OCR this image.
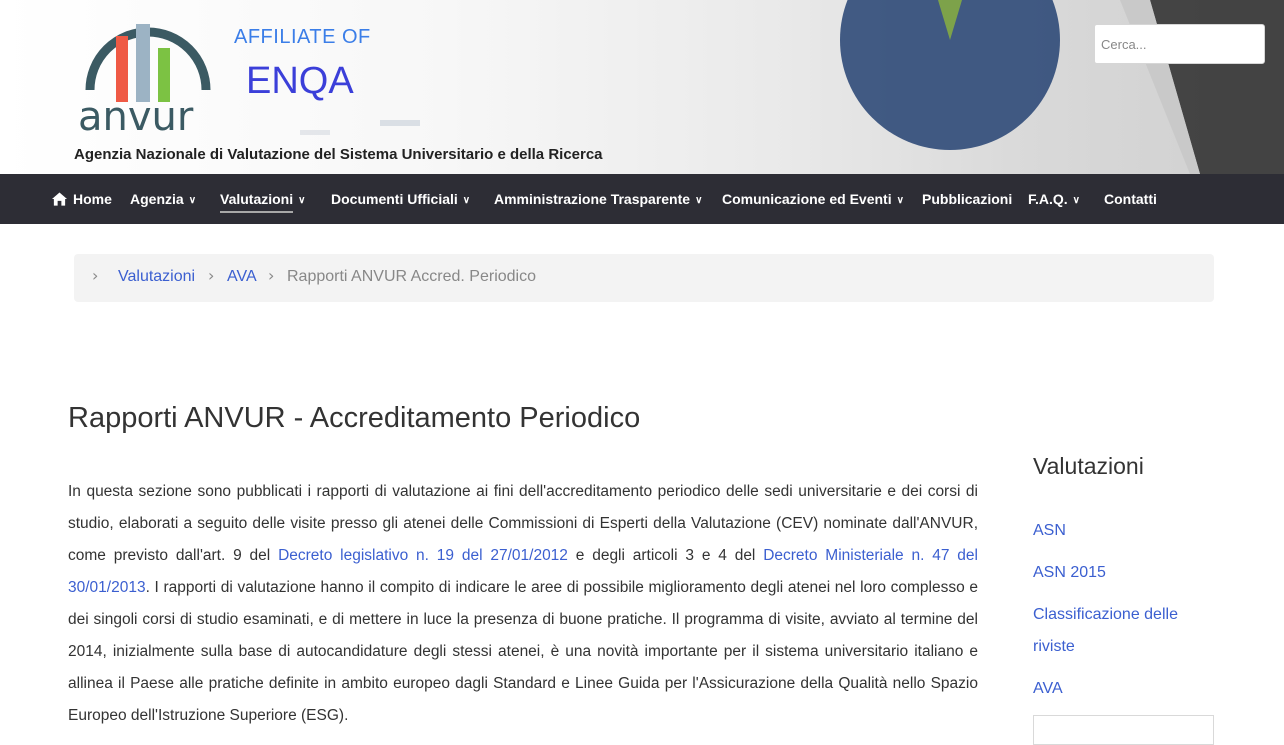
anvur
AFFILIATE OF
ENQA
Agenzia Nazionale di Valutazione del Sistema Universitario e della Ricerca
Cerca...
Home Agenzia ∨ Valutazioni ∨ Documenti Ufficiali ∨ Amministrazione Trasparente ∨ Comunicazione ed Eventi ∨ Pubblicazioni F.A.Q. ∨ Contatti
› Valutazioni › AVA › Rapporti ANVUR Accred. Periodico
Rapporti ANVUR - Accreditamento Periodico

In questa sezione sono pubblicati i rapporti di valutazione ai fini dell'accreditamento periodico delle sedi universitarie e dei corsi di studio, elaborati a seguito delle visite presso gli atenei delle Commissioni di Esperti della Valutazione (CEV) nominate dall'ANVUR, come previsto dall'art. 9 del Decreto legislativo n. 19 del 27/01/2012 e degli articoli 3 e 4 del Decreto Ministeriale n. 47 del 30/01/2013. I rapporti di valutazione hanno il compito di indicare le aree di possibile miglioramento degli atenei nel loro complesso e dei singoli corsi di studio esaminati, e di mettere in luce la presenza di buone pratiche. Il programma di visite, avviato al termine del 2014, inizialmente sulla base di autocandidature degli stessi atenei, è una novità importante per il sistema universitario italiano e allinea il Paese alle pratiche definite in ambito europeo dagli Standard e Linee Guida per l'Assicurazione della Qualità nello Spazio Europeo dell'Istruzione Superiore (ESG).

Valutazioni
ASN
ASN 2015
Classificazione delle riviste
AVA
